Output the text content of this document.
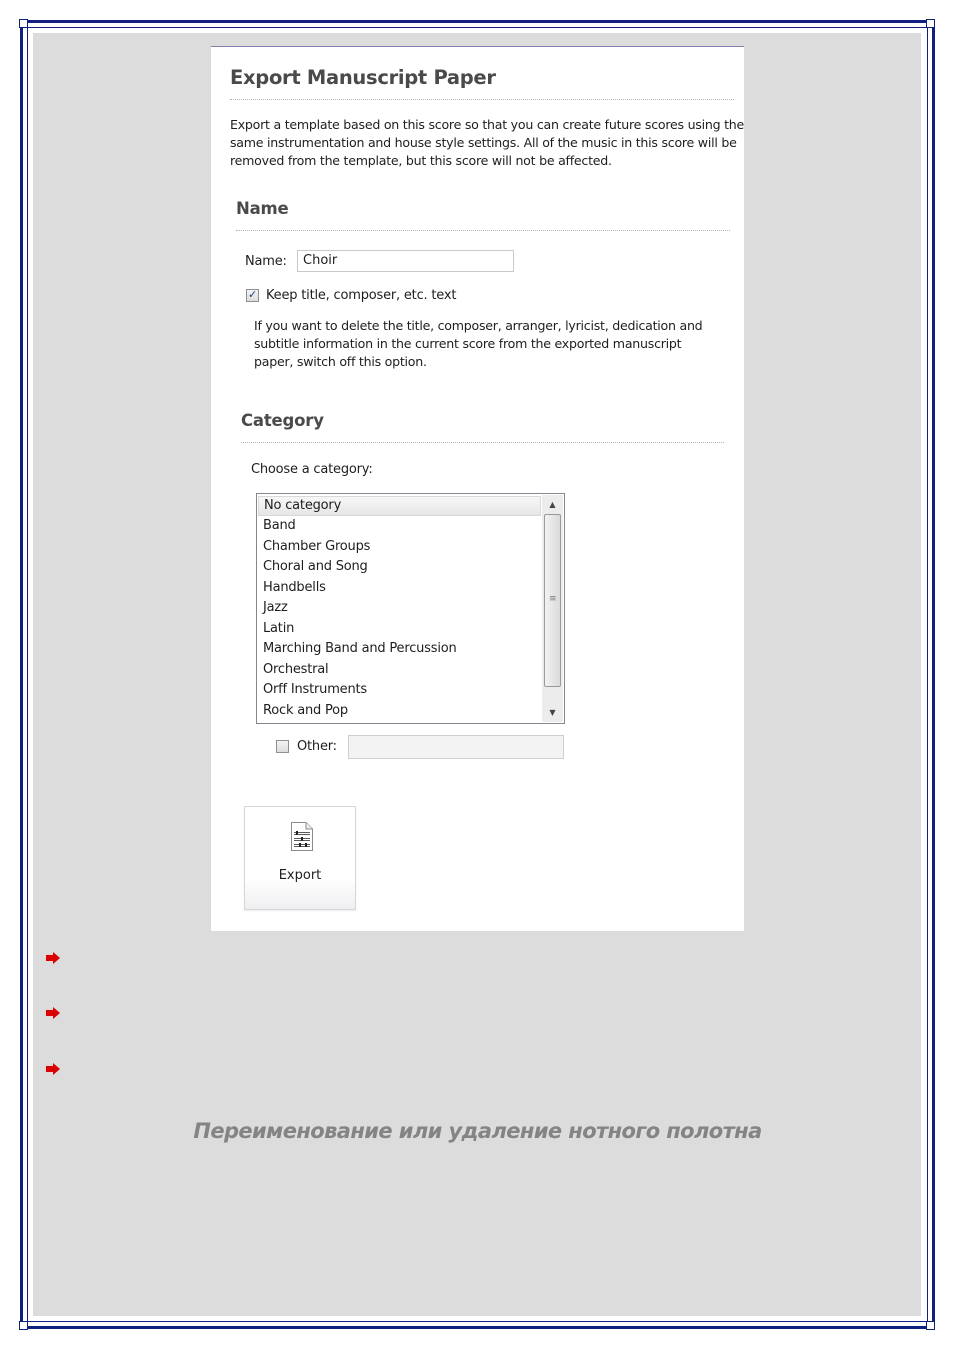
Export Manuscript Paper
Export a template based on this score so that you can create future scores using the same instrumentation and house style settings. All of the music in this score will be removed from the template, but this score will not be affected.
Name
Name:	Choir
✓ Keep title, composer, etc. text
If you want to delete the title, composer, arranger, lyricist, dedication and subtitle information in the current score from the exported manuscript paper, switch off this option.
Category
Choose a category:
No category
Band
Chamber Groups
Choral and Song
Handbells
Jazz
Latin
Marching Band and Percussion
Orchestral
Orff Instruments
Rock and Pop
▲
≡
▼
Other:
Export
Переименование или удаление нотного полотна
